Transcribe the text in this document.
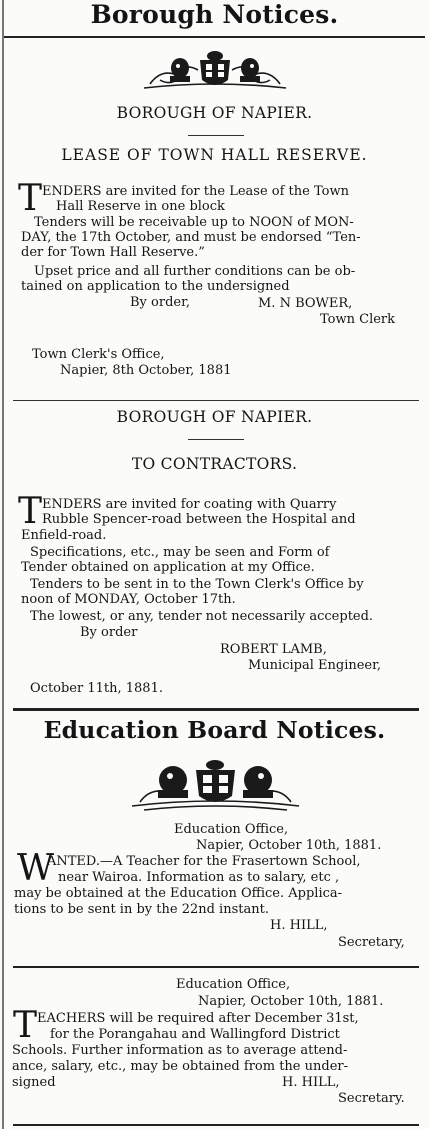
Borough Notices.
BOROUGH OF NAPIER.
LEASE OF TOWN HALL RESERVE.
T ENDERS are invited for the Lease of the Town
Hall Reserve in one block
Tenders will be receivable up to NOON of MON-
DAY, the 17th October, and must be endorsed “Ten-
der for Town Hall Reserve.”
Upset price and all further conditions can be ob-
tained on application to the undersigned
By order,	M. N BOWER,
Town Clerk
Town Clerk's Office,
Napier, 8th October, 1881
BOROUGH OF NAPIER.
TO CONTRACTORS.
T ENDERS are invited for coating with Quarry
Rubble Spencer-road between the Hospital and
Enfield-road.
Specifications, etc., may be seen and Form of
Tender obtained on application at my Office.
Tenders to be sent in to the Town Clerk's Office by
noon of MONDAY, October 17th.
The lowest, or any, tender not necessarily accepted.
By order
ROBERT LAMB,
Municipal Engineer,
October 11th, 1881.
Education Board Notices.
Education Office,
Napier, October 10th, 1881.
W
ANTED.—A Teacher for the Frasertown School,
near Wairoa. Information as to salary, etc ,
may be obtained at the Education Office. Applica-
tions to be sent in by the 22nd instant.
H. HILL,
Secretary,
Education Office,
Napier, October 10th, 1881.
T EACHERS will be required after December 31st,
for the Porangahau and Wallingford District
Schools. Further information as to average attend-
ance, salary, etc., may be obtained from the under-
signed	H. HILL,
Secretary.
